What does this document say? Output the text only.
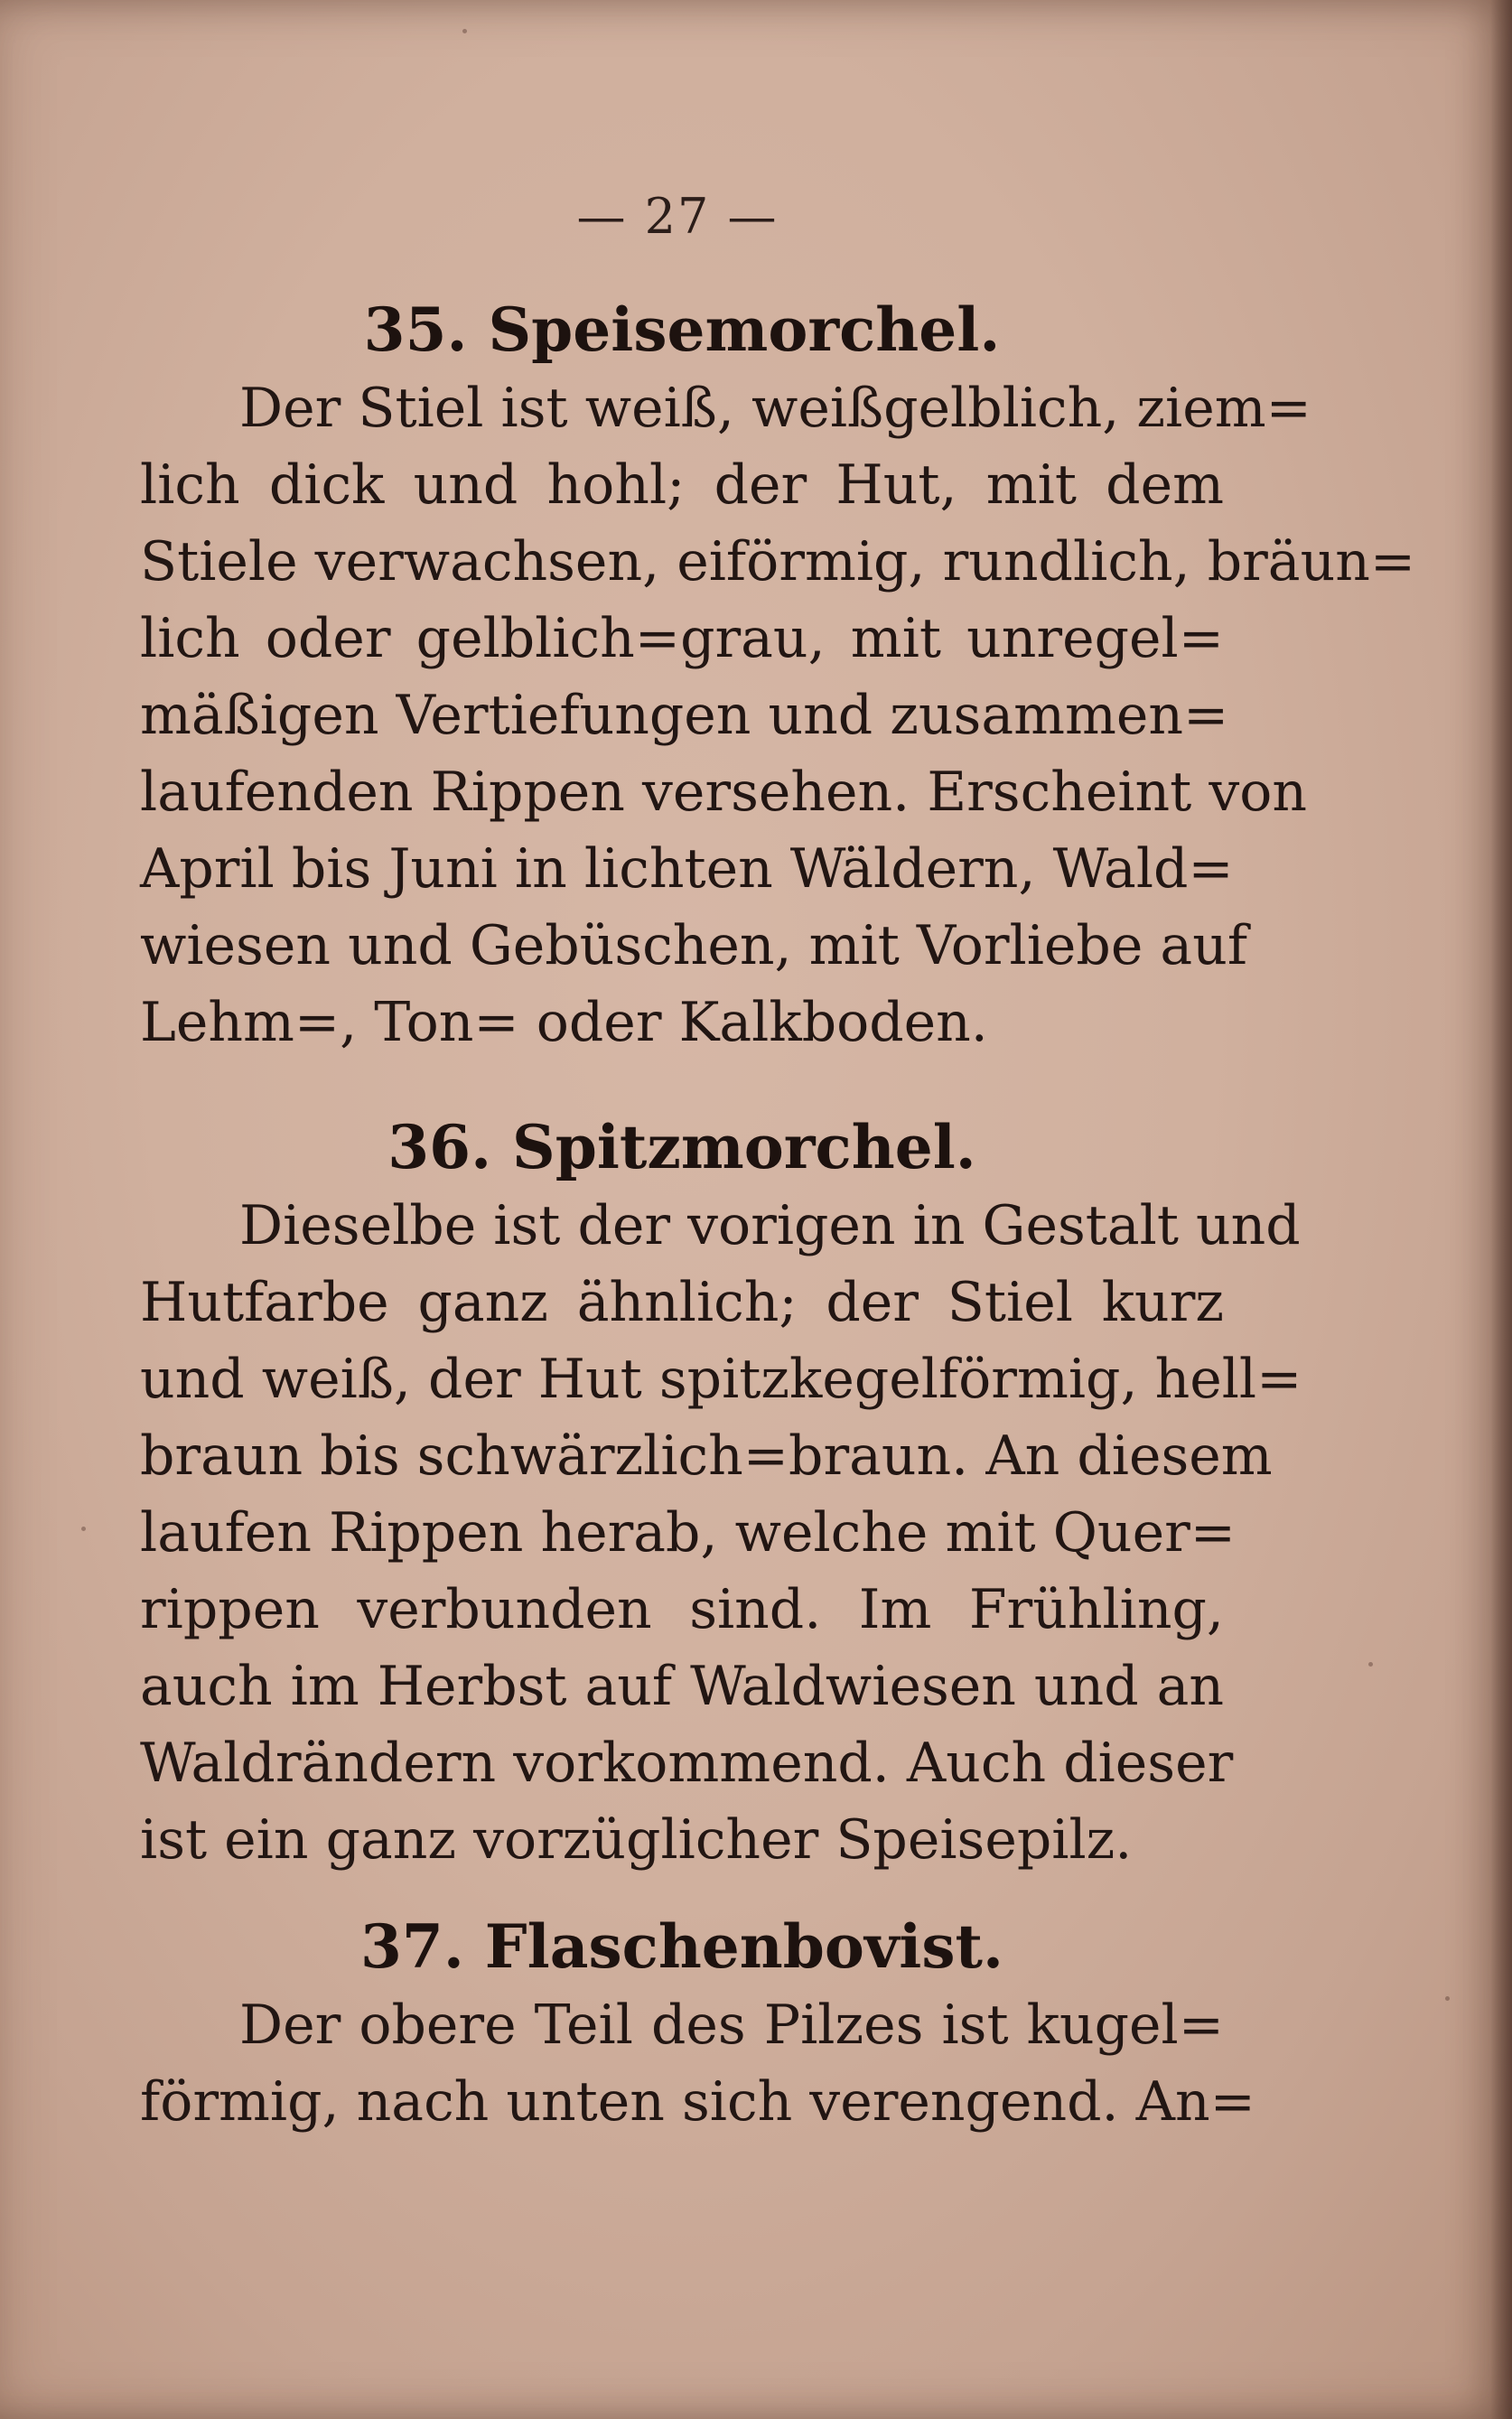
— 27 —
35. Speisemorchel.
Der Stiel ist weiß, weißgelblich, ziem=
lich dick und hohl; der Hut, mit dem
Stiele verwachsen, eiförmig, rundlich, bräun=
lich oder gelblich=grau, mit unregel=
mäßigen Vertiefungen und zusammen=
laufenden Rippen versehen. Erscheint von
April bis Juni in lichten Wäldern, Wald=
wiesen und Gebüschen, mit Vorliebe auf
Lehm=, Ton= oder Kalkboden.
36. Spitzmorchel.
Dieselbe ist der vorigen in Gestalt und
Hutfarbe ganz ähnlich; der Stiel kurz
und weiß, der Hut spitzkegelförmig, hell=
braun bis schwärzlich=braun. An diesem
laufen Rippen herab, welche mit Quer=
rippen verbunden sind. Im Frühling,
auch im Herbst auf Waldwiesen und an
Waldrändern vorkommend. Auch dieser
ist ein ganz vorzüglicher Speisepilz.
37. Flaschenbovist.
Der obere Teil des Pilzes ist kugel=
förmig, nach unten sich verengend. An=
